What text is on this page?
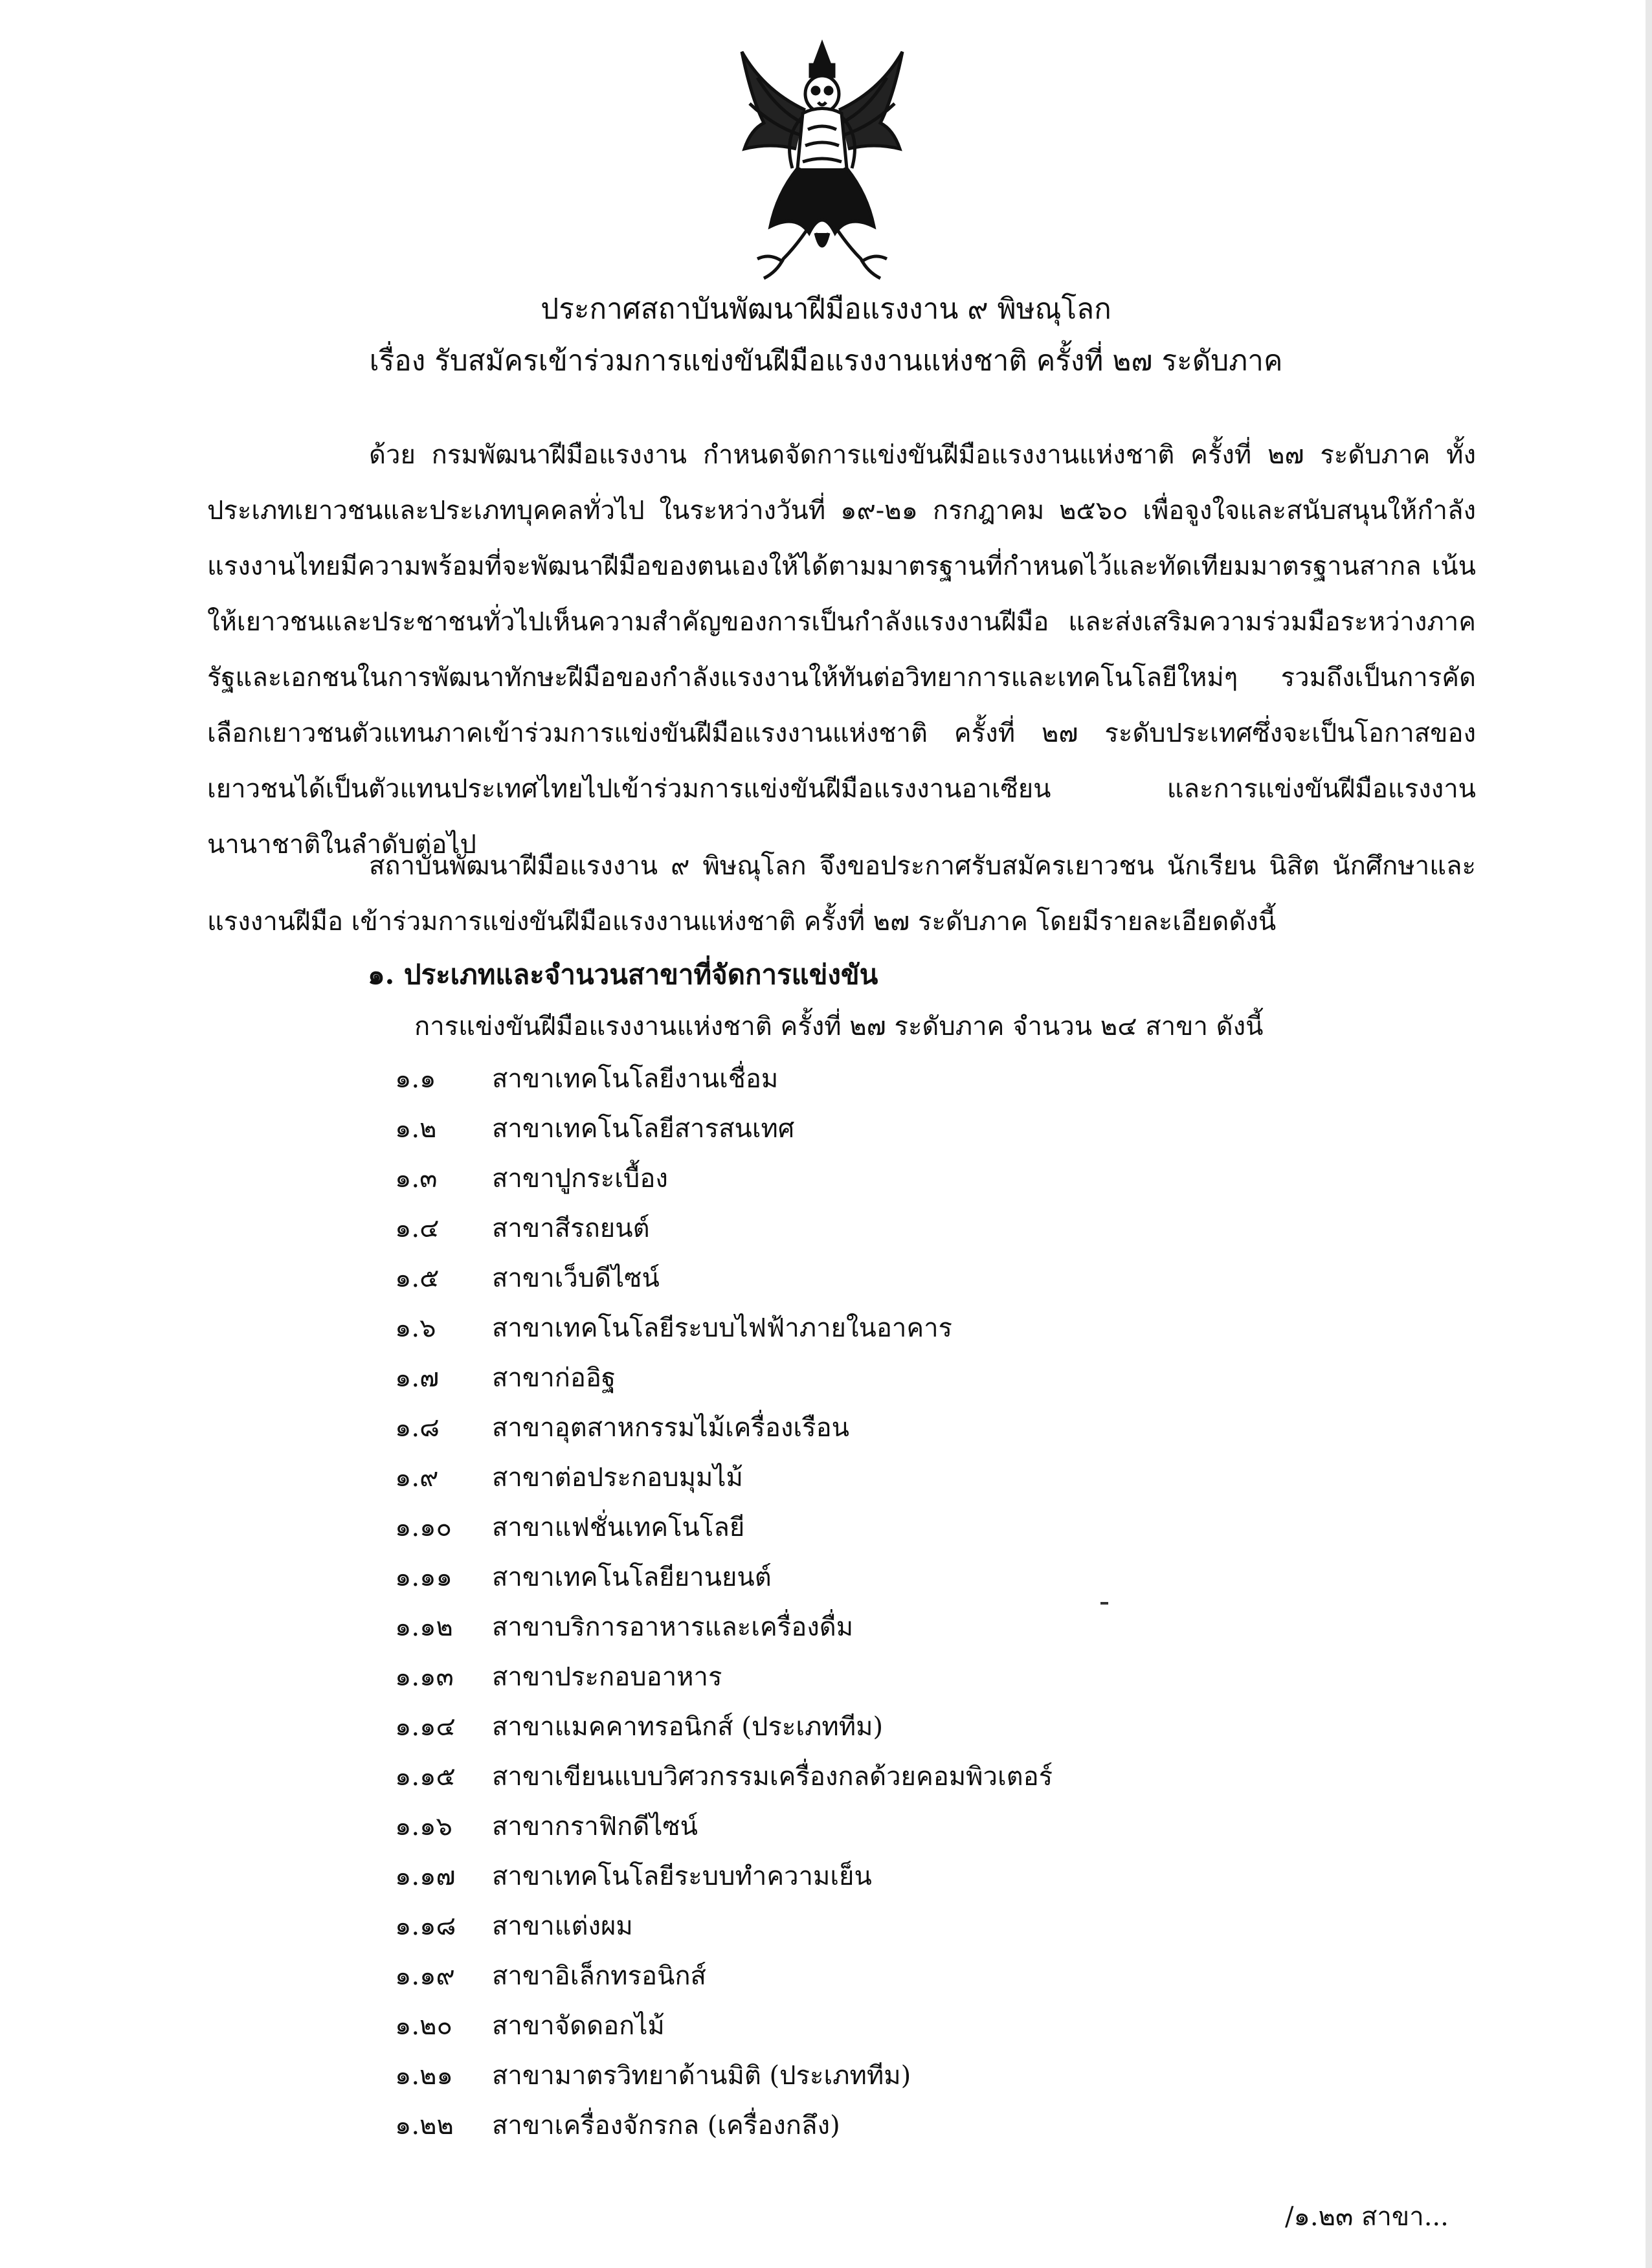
ประกาศสถาบันพัฒนาฝีมือแรงงาน ๙ พิษณุโลก
เรื่อง รับสมัครเข้าร่วมการแข่งขันฝีมือแรงงานแห่งชาติ ครั้งที่ ๒๗ ระดับภาค
ด้วย กรมพัฒนาฝีมือแรงงาน กำหนดจัดการแข่งขันฝีมือแรงงานแห่งชาติ ครั้งที่ ๒๗ ระดับภาค ทั้งประเภทเยาวชนและประเภทบุคคลทั่วไป ในระหว่างวันที่ ๑๙-๒๑ กรกฎาคม ๒๕๖๐ เพื่อจูงใจและสนับสนุนให้กำลังแรงงานไทยมีความพร้อมที่จะพัฒนาฝีมือของตนเองให้ได้ตามมาตรฐานที่กำหนดไว้และทัดเทียมมาตรฐานสากล เน้นให้เยาวชนและประชาชนทั่วไปเห็นความสำคัญของการเป็นกำลังแรงงานฝีมือ และส่งเสริมความร่วมมือระหว่างภาครัฐและเอกชนในการพัฒนาทักษะฝีมือของกำลังแรงงานให้ทันต่อวิทยาการและเทคโนโลยีใหม่ๆ รวมถึงเป็นการคัดเลือกเยาวชนตัวแทนภาคเข้าร่วมการแข่งขันฝีมือแรงงานแห่งชาติ ครั้งที่ ๒๗ ระดับประเทศซึ่งจะเป็นโอกาสของเยาวชนได้เป็นตัวแทนประเทศไทยไปเข้าร่วมการแข่งขันฝีมือแรงงานอาเซียน และการแข่งขันฝีมือแรงงานนานาชาติในลำดับต่อไป
สถาบันพัฒนาฝีมือแรงงาน ๙ พิษณุโลก จึงขอประกาศรับสมัครเยาวชน นักเรียน นิสิต นักศึกษาและแรงงานฝีมือ เข้าร่วมการแข่งขันฝีมือแรงงานแห่งชาติ ครั้งที่ ๒๗ ระดับภาค โดยมีรายละเอียดดังนี้
๑. ประเภทและจำนวนสาขาที่จัดการแข่งขัน
การแข่งขันฝีมือแรงงานแห่งชาติ ครั้งที่ ๒๗ ระดับภาค จำนวน ๒๔ สาขา ดังนี้
๑.๑	สาขาเทคโนโลยีงานเชื่อม
๑.๒	สาขาเทคโนโลยีสารสนเทศ
๑.๓	สาขาปูกระเบื้อง
๑.๔	สาขาสีรถยนต์
๑.๕	สาขาเว็บดีไซน์
๑.๖	สาขาเทคโนโลยีระบบไฟฟ้าภายในอาคาร
๑.๗	สาขาก่ออิฐ
๑.๘	สาขาอุตสาหกรรมไม้เครื่องเรือน
๑.๙	สาขาต่อประกอบมุมไม้
๑.๑๐	สาขาแฟชั่นเทคโนโลยี
๑.๑๑	สาขาเทคโนโลยียานยนต์
๑.๑๒	สาขาบริการอาหารและเครื่องดื่ม
๑.๑๓	สาขาประกอบอาหาร
๑.๑๔	สาขาแมคคาทรอนิกส์ (ประเภททีม)
๑.๑๕	สาขาเขียนแบบวิศวกรรมเครื่องกลด้วยคอมพิวเตอร์
๑.๑๖	สาขากราฟิกดีไซน์
๑.๑๗	สาขาเทคโนโลยีระบบทำความเย็น
๑.๑๘	สาขาแต่งผม
๑.๑๙	สาขาอิเล็กทรอนิกส์
๑.๒๐	สาขาจัดดอกไม้
๑.๒๑	สาขามาตรวิทยาด้านมิติ (ประเภททีม)
๑.๒๒	สาขาเครื่องจักรกล (เครื่องกลึง)
/๑.๒๓ สาขา...
